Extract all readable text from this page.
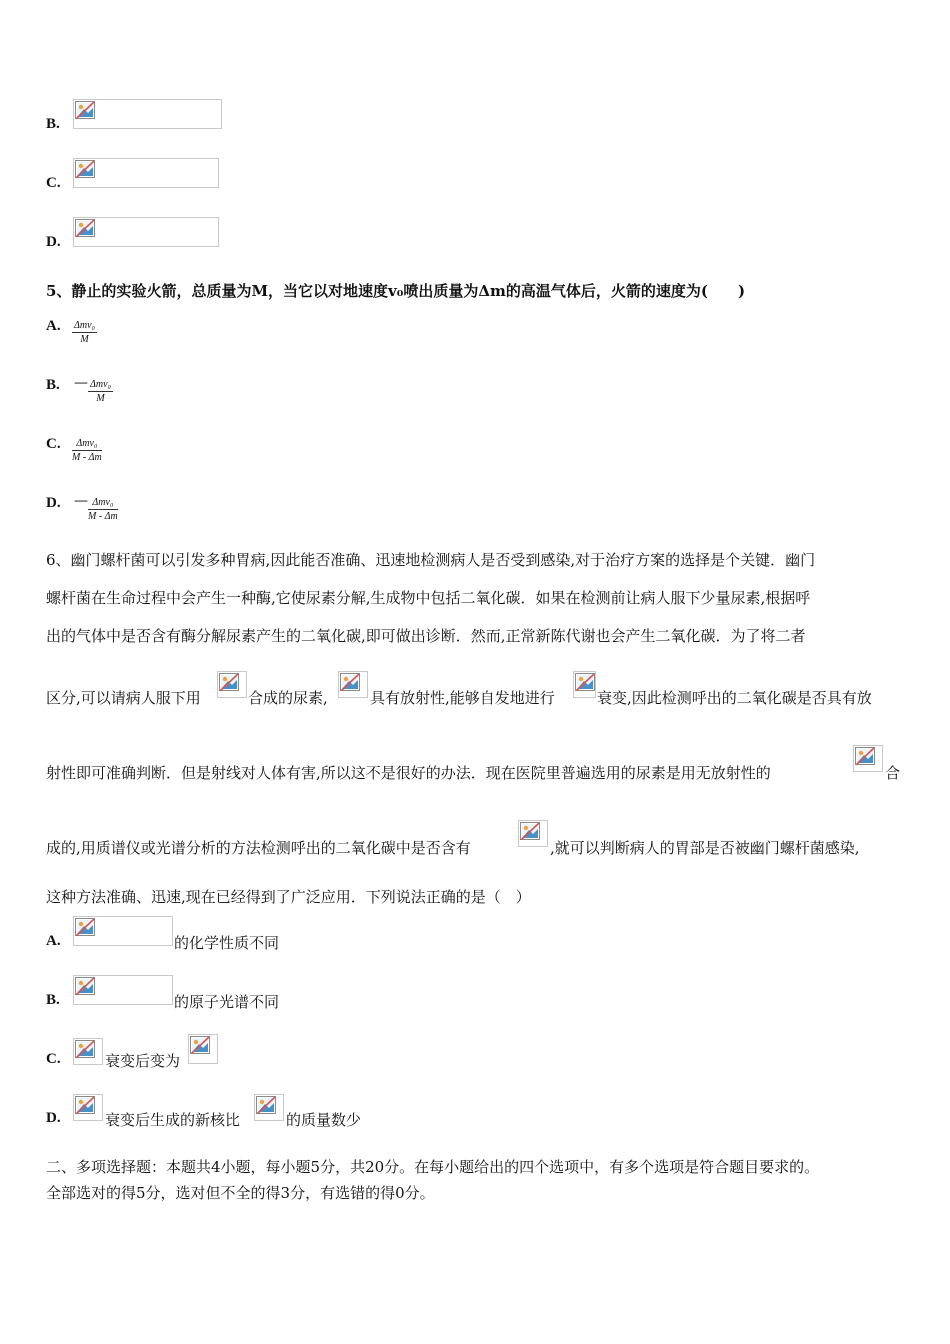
B.
C.
D.
5、静止的实验火箭，总质量为M，当它以对地速度v₀喷出质量为Δm的高温气体后，火箭的速度为(　　)
A. Δmv₀
M
B. — Δmv₀
M
C.	Δmv₀
M - Δm
D. — Δmv₀
M - Δm
6、幽门螺杆菌可以引发多种胃病,因此能否准确、迅速地检测病人是否受到感染,对于治疗方案的选择是个关键．幽门
螺杆菌在生命过程中会产生一种酶,它使尿素分解,生成物中包括二氧化碳．如果在检测前让病人服下少量尿素,根据呼
出的气体中是否含有酶分解尿素产生的二氧化碳,即可做出诊断．然而,正常新陈代谢也会产生二氧化碳．为了将二者
区分,可以请病人服下用	合成的尿素,	具有放射性,能够自发地进行	衰变,因此检测呼出的二氧化碳是否具有放
射性即可准确判断．但是射线对人体有害,所以这不是很好的办法．现在医院里普遍选用的尿素是用无放射性的	合
成的,用质谱仪或光谱分析的方法检测呼出的二氧化碳中是否含有	,就可以判断病人的胃部是否被幽门螺杆菌感染,
这种方法准确、迅速,现在已经得到了广泛应用．下列说法正确的是（　）
A.	的化学性质不同
B.	的原子光谱不同
C.	衰变后变为
D.	衰变后生成的新核比	的质量数少
二、多项选择题：本题共4小题，每小题5分，共20分。在每小题给出的四个选项中，有多个选项是符合题目要求的。
全部选对的得5分，选对但不全的得3分，有选错的得0分。
